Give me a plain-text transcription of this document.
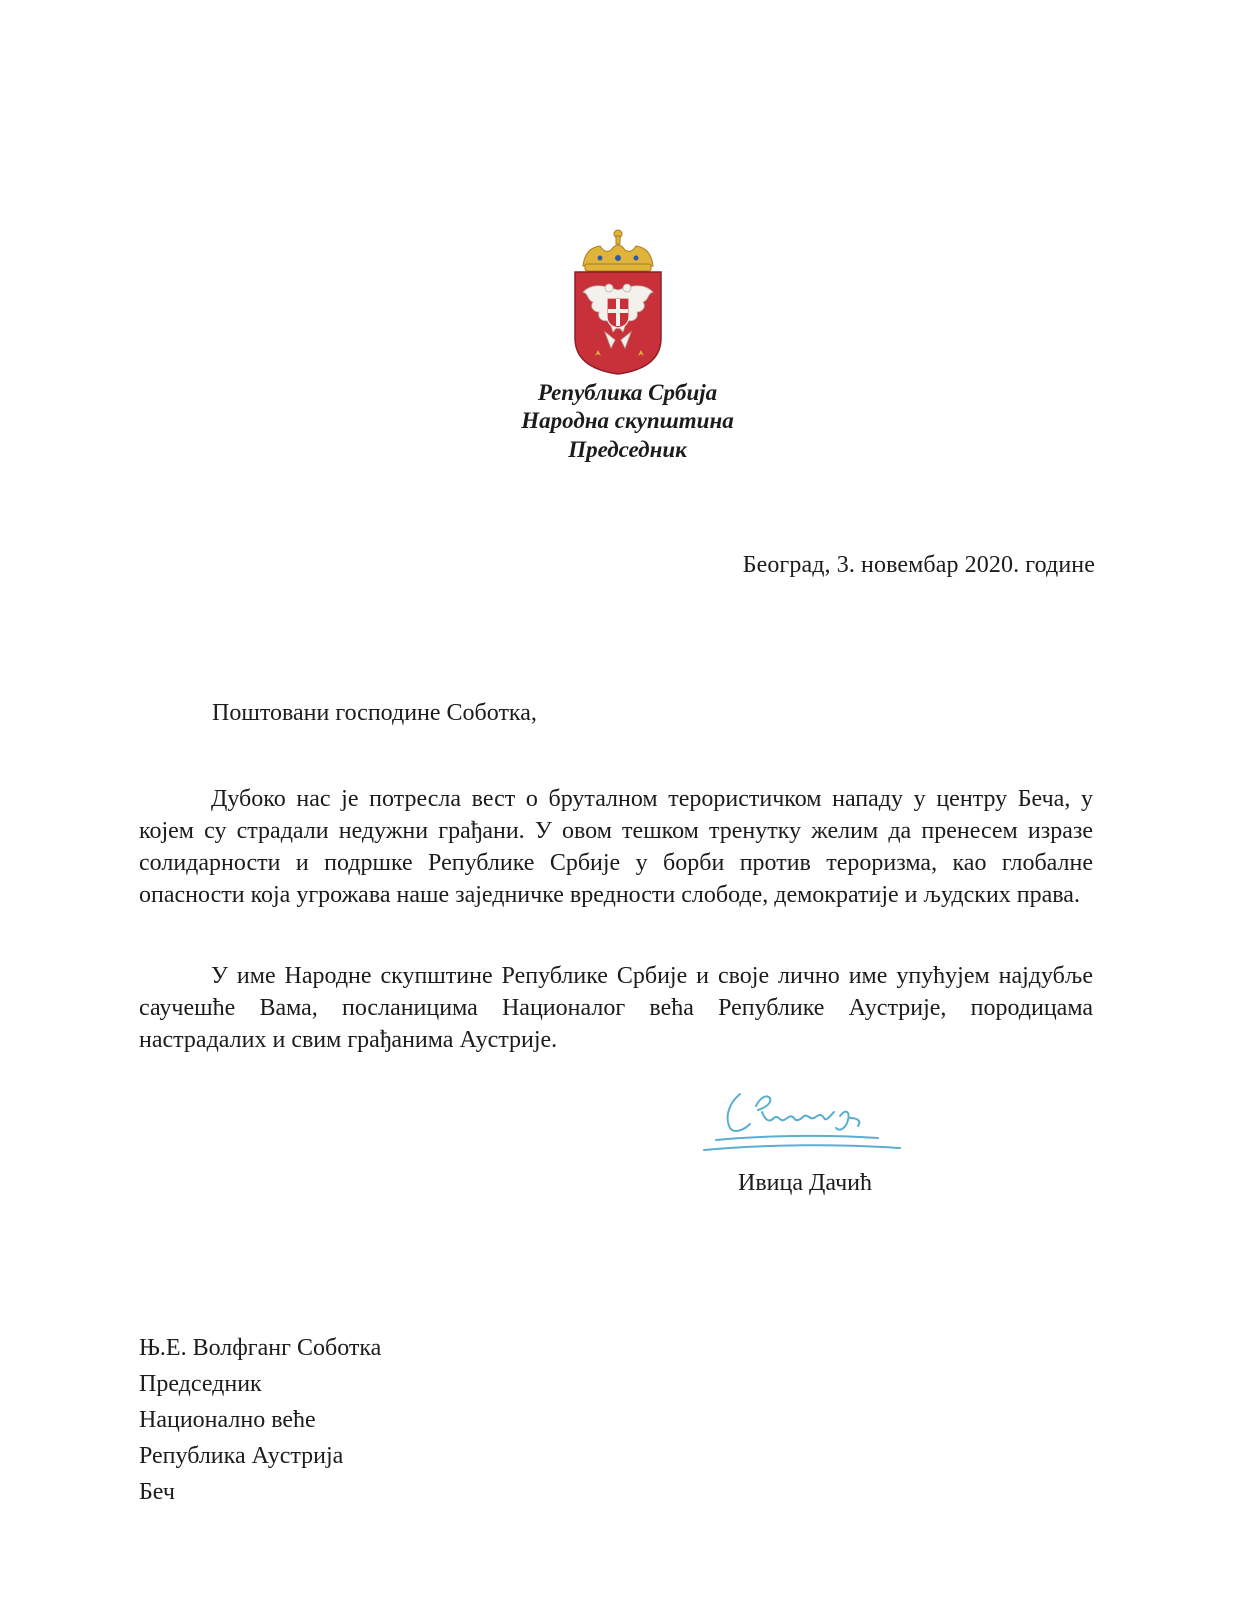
Република Србија
Народна скупштина
Председник
Београд, 3. новембар 2020. године
Поштовани господине Соботка,

Дубоко нас је потресла вест о бруталном терористичком нападу у центру Беча, у којем су страдали недужни грађани. У овом тешком тренутку желим да пренесем изразе солидарности и подршке Републике Србије у борби против тероризма, као глобалне опасности која угрожава наше заједничке вредности слободе, демократије и људских права.

У име Народне скупштине Републике Србије и своје лично име упућујем најдубље саучешће Вама, посланицима Националог већа Републике Аустрије, породицама настрадалих и свим грађанима Аустрије.

Ивица Дачић
Њ.Е. Волфганг Соботка
Председник
Национално веће
Република Аустрија
Беч
